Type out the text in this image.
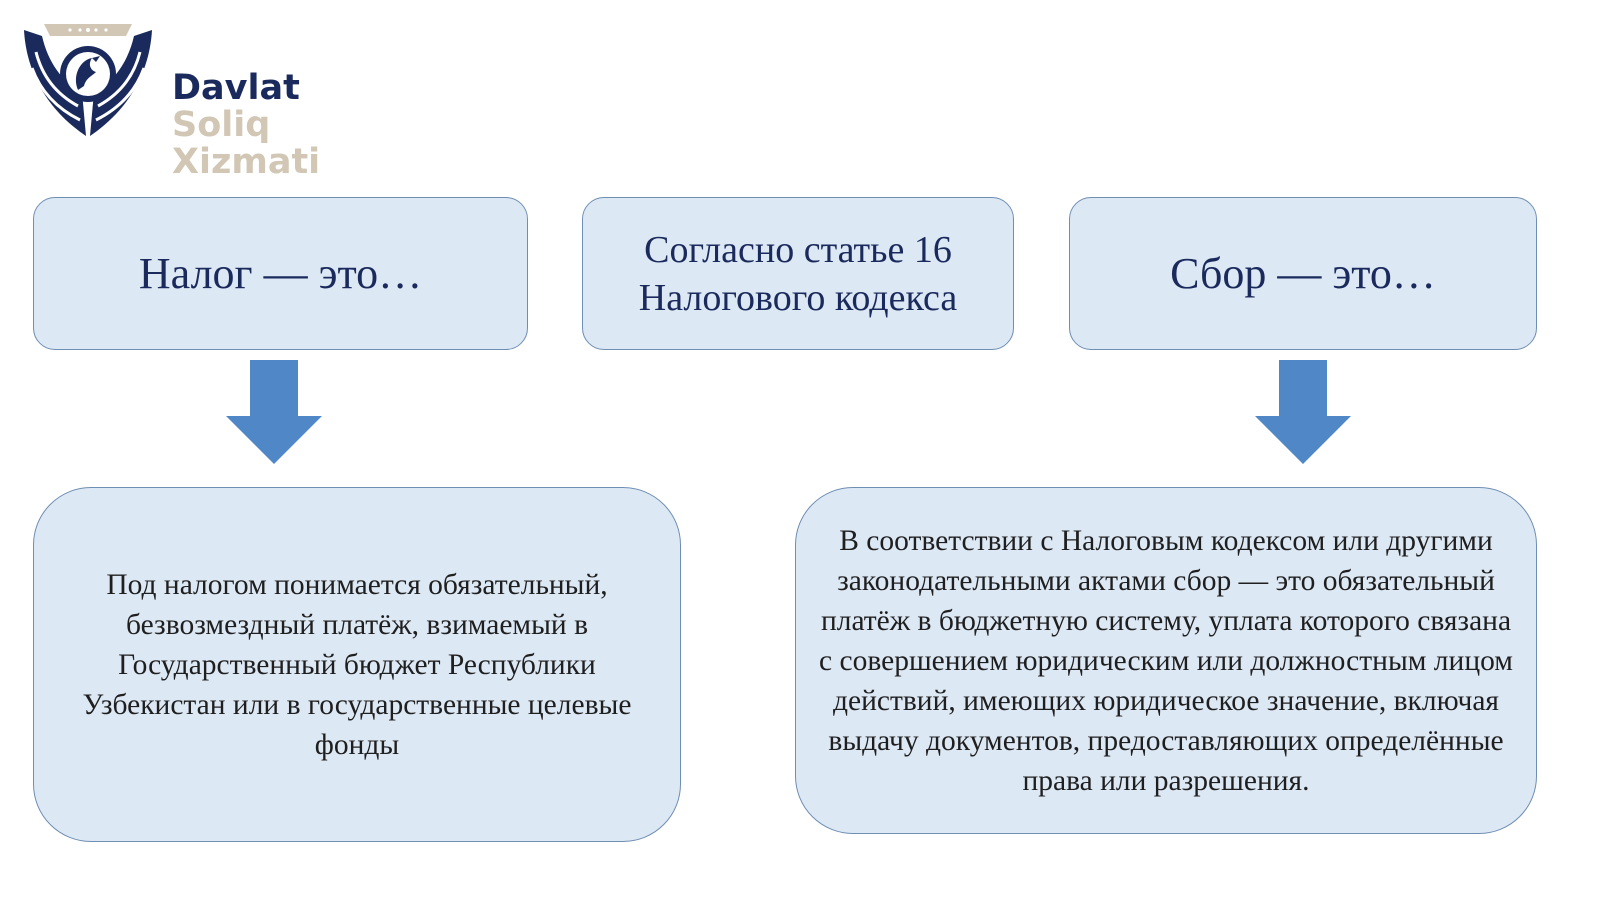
Davlat
Soliq
Xizmati
Налог — это…	Согласно статье 16 Налогового кодекса	Сбор — это…
Под налогом понимается обязательный, безвозмездный платёж, взимаемый в Государственный бюджет Республики Узбекистан или в государственные целевые фонды
В соответствии с Налоговым кодексом или другими законодательными актами сбор — это обязательный платёж в бюджетную систему, уплата которого связана с совершением юридическим или должностным лицом действий, имеющих юридическое значение, включая выдачу документов, предоставляющих определённые права или разрешения.
